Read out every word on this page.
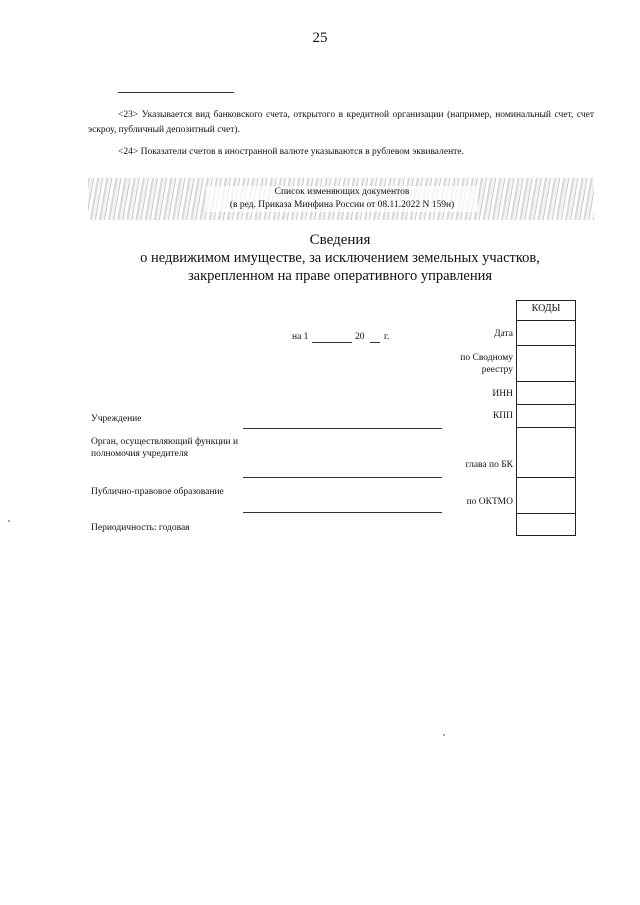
25
<23> Указывается вид банковского счета, открытого в кредитной организации (например, номинальный счет, счет эскроу, публичный депозитный счет).
<24> Показатели счетов в иностранной валюте указываются в рублевом эквиваленте.
Список изменяющих документов
(в ред. Приказа Минфина России от 08.11.2022 N 159н)
Сведения
о недвижимом имуществе, за исключением земельных участков,
закрепленном на праве оперативного управления
на 1	20 г.
КОДЫ
Дата
по Сводному реестру
ИНН
КПП
глава по БК
по ОКТМО
Учреждение
Орган, осуществляющий функции и полномочия учредителя
Публично-правовое образование
Периодичность: годовая
